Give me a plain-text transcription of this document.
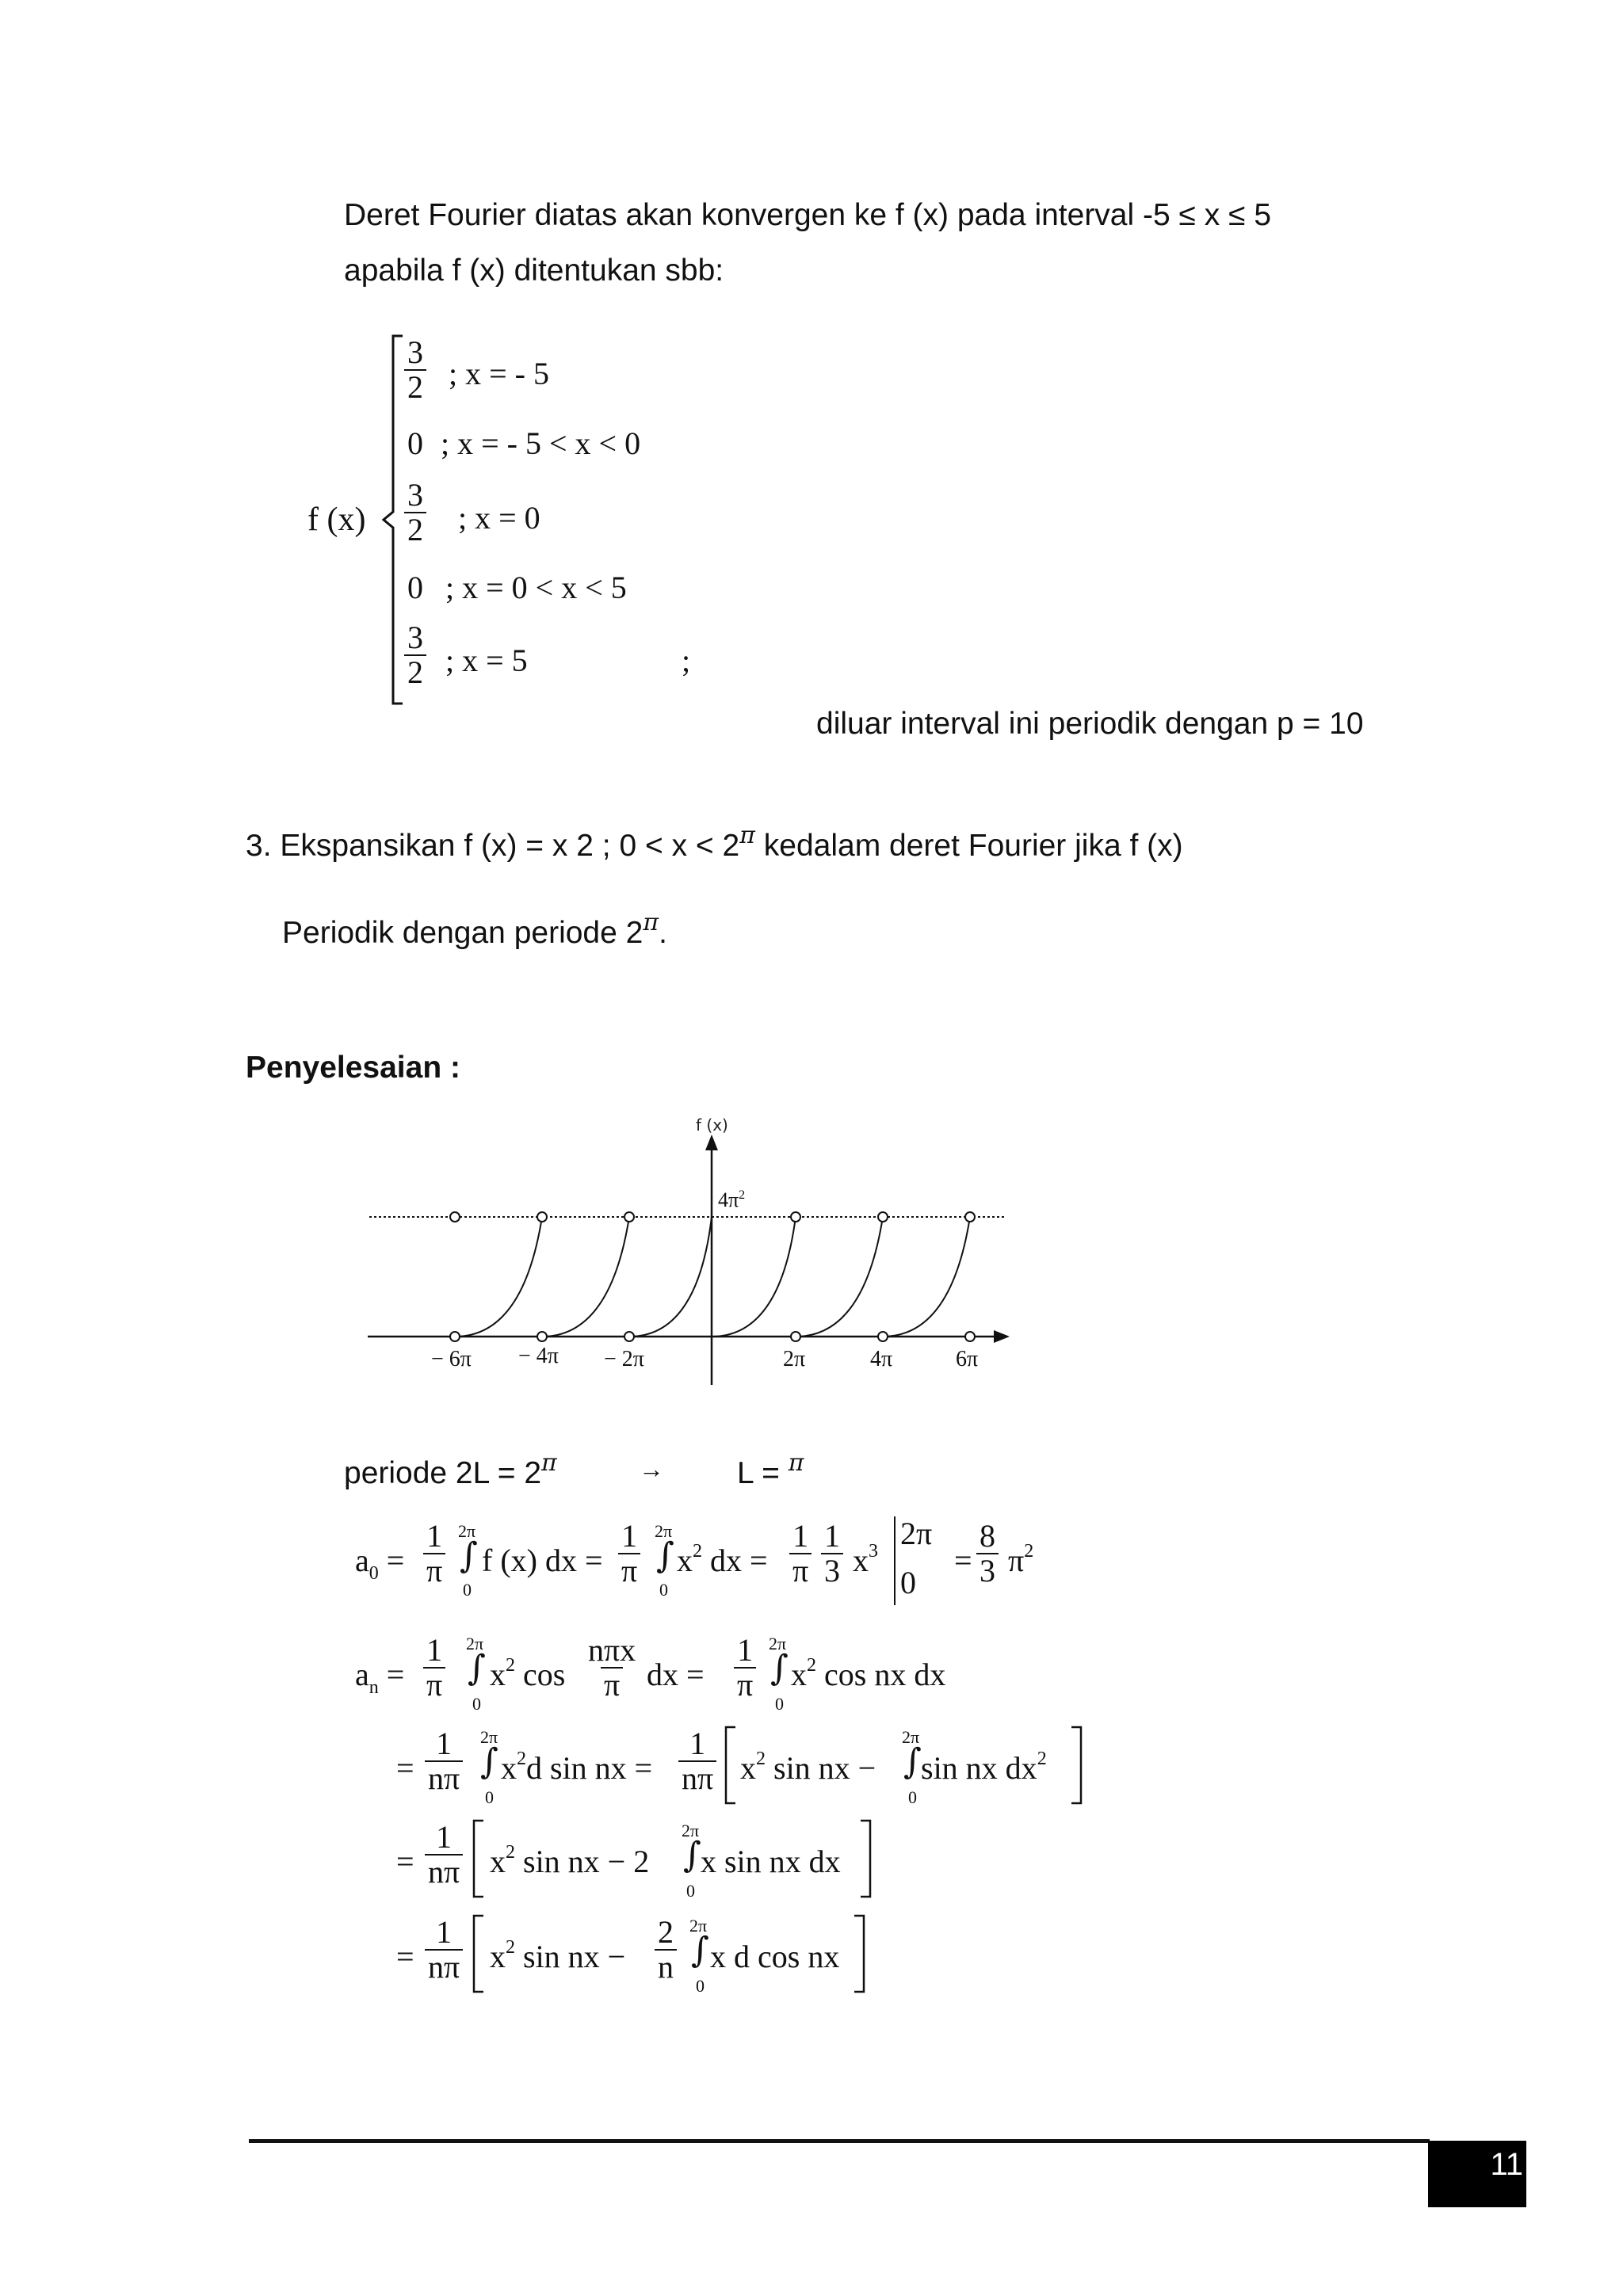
Deret Fourier diatas akan konvergen ke f (x) pada interval -5 ≤ x ≤ 5
apabila f (x) ditentukan sbb:
f (x)
$\frac{3}{2}$ ; x = - 5
0 ; x = - 5 < x < 0
$\frac{3}{2}$ ; x = 0
0 ; x = 0 < x < 5
$\frac{3}{2}$ ; x = 5	;
diluar interval ini periodik dengan p = 10
3. Ekspansikan f (x) = x 2 ; $0 < x < 2^\pi$ kedalam deret Fourier jika f (x)
Periodik dengan periode $2^\pi$.
Penyelesaian :
f (x)
$4\pi^2$
− 6π − 4π − 2π	2π	4π	6π
periode $2L = 2^\pi$	→ L = $^\pi$
$a_0 = \frac{1}{\pi} 2\pi$
∫
0
f (x) dx = $\frac{1}{\pi} 2\pi$
∫
0
$x^2$ dx = $\frac{1}{\pi} \frac{1}{3} x^3$ 2π
0
= $\frac{8}{3} \pi^2$
$a_n = \frac{1}{\pi} 2\pi$
∫
0
$x^2$ cos
nπx
π dx = $\frac{1}{\pi} 2\pi$
∫
0
$x^2$ cos nx dx
= $\frac{1}{n\pi} 2\pi$
∫
0
$x^2d$ sin nx = $\frac{1}{n\pi} x^2$ sin nx −
2π
∫
0
sin nx $dx^2$
= $\frac{1}{n\pi} x^2$ sin nx − 2
2π
∫
0
x sin nx dx
= $\frac{1}{n\pi} x^2$ sin nx − $\frac{2}{n} 2\pi$
∫
0
x d cos nx
11
